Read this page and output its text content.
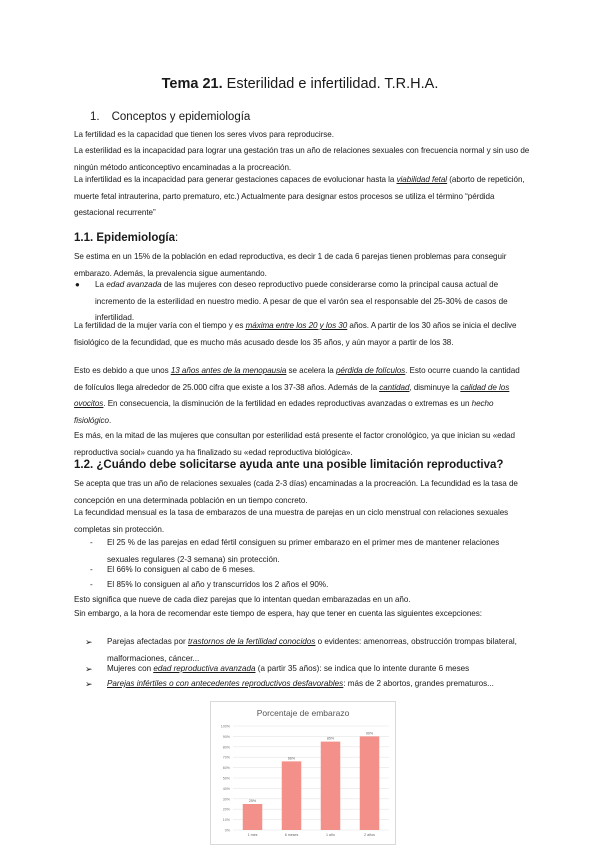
Tema 21. Esterilidad e infertilidad. T.R.H.A.
1. Conceptos y epidemiología

La fertilidad es la capacidad que tienen los seres vivos para reproducirse.

La esterilidad es la incapacidad para lograr una gestación tras un año de relaciones sexuales con frecuencia normal y sin uso de ningún método anticonceptivo encaminadas a la procreación.

La infertilidad es la incapacidad para generar gestaciones capaces de evolucionar hasta la viabilidad fetal (aborto de repetición, muerte fetal intrauterina, parto prematuro, etc.) Actualmente para designar estos procesos se utiliza el término “pérdida gestacional recurrente”

1.1. Epidemiología:

Se estima en un 15% de la población en edad reproductiva, es decir 1 de cada 6 parejas tienen problemas para conseguir embarazo. Además, la prevalencia sigue aumentando.

● La edad avanzada de las mujeres con deseo reproductivo puede considerarse como la principal causa actual de incremento de la esterilidad en nuestro medio. A pesar de que el varón sea el responsable del 25-30% de casos de infertilidad.

La fertilidad de la mujer varía con el tiempo y es máxima entre los 20 y los 30 años. A partir de los 30 años se inicia el declive fisiológico de la fecundidad, que es mucho más acusado desde los 35 años, y aún mayor a partir de los 38.

Esto es debido a que unos 13 años antes de la menopausia se acelera la pérdida de folículos. Esto ocurre cuando la cantidad de folículos llega alrededor de 25.000 cifra que existe a los 37-38 años. Además de la cantidad, disminuye la calidad de los ovocitos. En consecuencia, la disminución de la fertilidad en edades reproductivas avanzadas o extremas es un hecho fisiológico.

Es más, en la mitad de las mujeres que consultan por esterilidad está presente el factor cronológico, ya que inician su «edad reproductiva social» cuando ya ha finalizado su «edad reproductiva biológica».

1.2. ¿Cuándo debe solicitarse ayuda ante una posible limitación reproductiva?

Se acepta que tras un año de relaciones sexuales (cada 2-3 días) encaminadas a la procreación. La fecundidad es la tasa de concepción en una determinada población en un tiempo concreto.

La fecundidad mensual es la tasa de embarazos de una muestra de parejas en un ciclo menstrual con relaciones sexuales completas sin protección.

- El 25 % de las parejas en edad fértil consiguen su primer embarazo en el primer mes de mantener relaciones sexuales regulares (2-3 semana) sin protección.
- El 66% lo consiguen al cabo de 6 meses.
- El 85% lo consiguen al año y transcurridos los 2 años el 90%.

Esto significa que nueve de cada diez parejas que lo intentan quedan embarazadas en un año.

Sin embargo, a la hora de recomendar este tiempo de espera, hay que tener en cuenta las siguientes excepciones:

➢ Parejas afectadas por trastornos de la fertilidad conocidos o evidentes: amenorreas, obstrucción trompas bilateral, malformaciones, cáncer...
➢ Mujeres con edad reproductiva avanzada (a partir 35 años): se indica que lo intente durante 6 meses
➢ Parejas infértiles o con antecedentes reproductivos desfavorables: más de 2 abortos, grandes prematuros...
Porcentaje de embarazo
0%
10%
20%
30%
40%
50%
60%
70%
80%
90%
100%
25%
1 mes
66%
6 meses
85%
1 año
90%
2 años
